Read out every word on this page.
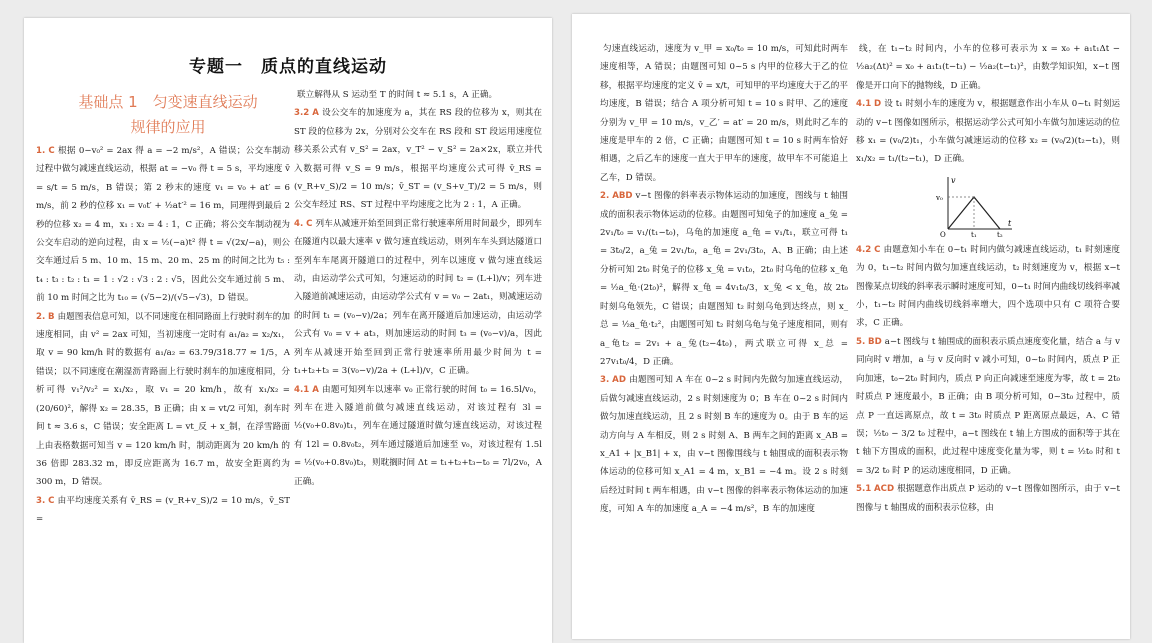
专题一　质点的直线运动
基础点 1　匀变速直线运动
规律的应用

1. C 根据 0−v₀² = 2ax 得 a = −2 m/s²，A 错误；公交车制动过程中做匀减速直线运动，根据 at = −v₀ 得 t = 5 s，平均速度 v̄ = s/t = 5 m/s，B 错误；第 2 秒末的速度 v₁ = v₀ + at′ = 6 m/s，前 2 秒的位移 x₁ = v₀t′ + ½at′² = 16 m，同理得到最后 2 秒的位移 x₂ = 4 m，x₁ : x₂ = 4 : 1，C 正确；将公交车制动视为公交车启动的逆向过程，由 x = ½(−a)t² 得 t = √(2x/−a)，则公交车通过后 5 m、10 m、15 m、20 m、25 m 的时间之比为 t₅ : t₄ : t₃ : t₂ : t₁ = 1 : √2 : √3 : 2 : √5，因此公交车通过前 5 m、前 10 m 时间之比为 t₁₀ = (√5−2)/(√5−√3)，D 错误。

2. B 由题图表信息可知，以不同速度在相同路面上行驶时刹车的加速度相同，由 v² = 2ax 可知，当初速度一定时有 a₁/a₂ = x₂/x₁，取 v = 90 km/h 时的数据有 a₁/a₂ = 63.79/318.77 ≈ 1/5，A 错误；以不同速度在潮湿沥青路面上行驶时刹车的加速度相同，分析可得 v₁²/v₂² = x₁/x₂，取 v₁ = 20 km/h，故有 x₁/x₂ = (20/60)²，解得 x₂ = 28.35，B 正确；由 x = vt/2 可知，刹车时间 t ≈ 3.6 s，C 错误；安全距离 L = vt_反 + x_制，在浮雪路面上由表格数据可知当 v = 120 km/h 时，制动距离为 20 km/h 的 36 倍即 283.32 m，即反应距离为 16.7 m，故安全距离约为 300 m，D 错误。

3. C 由平均速度关系有 v̄_RS = (v_R+v_S)/2 = 10 m/s，v̄_ST =

联立解得从 S 运动至 T 的时间 t ≈ 5.1 s，A 正确。

3.2 A 设公交车的加速度为 a，其在 RS 段的位移为 x，则其在 ST 段的位移为 2x，分别对公交车在 RS 段和 ST 段运用速度位移关系公式有 v_S² = 2ax，v_T² − v_S² = 2a×2x，联立并代入数据可得 v_S = 9 m/s，根据平均速度公式可得 v̄_RS = (v_R+v_S)/2 = 10 m/s；v̄_ST = (v_S+v_T)/2 = 5 m/s，则公交车经过 RS、ST 过程中平均速度之比为 2 : 1，A 正确。

4. C 列车从减速开始至回到正常行驶速率所用时间最少，即列车在隧道内以最大速率 v 做匀速直线运动，则列车车头到达隧道口至列车车尾离开隧道口的过程中，列车以速度 v 做匀速直线运动，由运动学公式可知，匀速运动的时间 t₂ = (L+l)/v；列车进入隧道前减速运动，由运动学公式有 v = v₀ − 2at₁，则减速运动的时间 t₁ = (v₀−v)/2a；列车在离开隧道后加速运动，由运动学公式有 v₀ = v + at₃，则加速运动的时间 t₃ = (v₀−v)/a，因此列车从减速开始至回到正常行驶速率所用最少时间为 t = t₁+t₂+t₃ = 3(v₀−v)/2a + (L+l)/v，C 正确。

4.1 A 由题可知列车以速率 v₀ 正常行驶的时间 t₀ = 16.5l/v₀，列车在进入隧道前做匀减速直线运动，对该过程有 3l = ½(v₀+0.8v₀)t₁，列车在通过隧道时做匀速直线运动，对该过程有 12l = 0.8v₀t₂，列车通过隧道后加速至 v₀，对该过程有 1.5l = ½(v₀+0.8v₀)t₃，则耽搁时间 Δt = t₁+t₂+t₃−t₀ = 7l/2v₀，A 正确。

匀速直线运动，速度为 v_甲 = x₀/t₀ = 10 m/s，可知此时两车速度相等，A 错误；由题图可知 0~5 s 内甲的位移大于乙的位移，根据平均速度的定义 v̄ = x/t，可知甲的平均速度大于乙的平均速度，B 错误；结合 A 项分析可知 t = 10 s 时甲、乙的速度分别为 v_甲 = 10 m/s，v_乙′ = at′ = 20 m/s，则此时乙车的速度是甲车的 2 倍，C 正确；由题图可知 t = 10 s 时两车恰好相遇，之后乙车的速度一直大于甲车的速度，故甲车不可能追上乙车，D 错误。

2. ABD v−t 图像的斜率表示物体运动的加速度，图线与 t 轴围成的面积表示物体运动的位移。由题图可知兔子的加速度 a_兔 = 2v₁/t₀ = v₁/(t₁−t₀)，乌龟的加速度 a_龟 = v₁/t₁，联立可得 t₁ = 3t₀/2，a_兔 = 2v₁/t₀，a_龟 = 2v₁/3t₀，A、B 正确；由上述分析可知 2t₀ 时兔子的位移 x_兔 = v₁t₀，2t₀ 时乌龟的位移 x_龟 = ½a_龟·(2t₀)²，解得 x_龟 = 4v₁t₀/3，x_兔 < x_龟，故 2t₀ 时刻乌龟领先，C 错误；由题图知 t₂ 时刻乌龟到达终点，则 x_总 = ½a_龟·t₂²，由题图可知 t₂ 时刻乌龟与兔子速度相同，则有 a_龟t₂ = 2v₁ + a_兔(t₂−4t₀)，两式联立可得 x_总 = 27v₁t₀/4，D 正确。

3. AD 由题图可知 A 车在 0~2 s 时间内先做匀加速直线运动，后做匀减速直线运动，2 s 时刻速度为 0；B 车在 0~2 s 时间内做匀加速直线运动，且 2 s 时刻 B 车的速度为 0。由于 B 车的运动方向与 A 车相反，则 2 s 时刻 A、B 两车之间的距离 x_AB = x_A1 + |x_B1| + x，由 v−t 图像围线与 t 轴围成的面积表示物体运动的位移可知 x_A1 = 4 m，x_B1 = −4 m。设 2 s 时刻后经过时间 t 两车相遇，由 v−t 图像的斜率表示物体运动的加速度，可知 A 车的加速度 a_A = −4 m/s²，B 车的加速度

线，在 t₁~t₂ 时间内，小车的位移可表示为 x = x₀ + a₁t₁Δt − ½a₂(Δt)² = x₀ + a₁t₁(t−t₁) − ½a₂(t−t₁)²，由数学知识知，x−t 图像是开口向下的抛物线，D 正确。

4.1 D 设 t₁ 时刻小车的速度为 v，根据题意作出小车从 0~t₁ 时刻运动的 v−t 图像如图所示，根据运动学公式可知小车做匀加速运动的位移 x₁ = (v₀/2)t₁，小车做匀减速运动的位移 x₂ = (v₀/2)(t₂−t₁)，则 x₁/x₂ = t₁/(t₂−t₁)，D 正确。

v
t
v₀
O	t₁	t₂

4.2 C 由题意知小车在 0~t₁ 时间内做匀减速直线运动，t₁ 时刻速度为 0，t₁~t₂ 时间内做匀加速直线运动，t₂ 时刻速度为 v，根据 x−t 图像某点切线的斜率表示瞬时速度可知，0~t₁ 时间内曲线切线斜率减小，t₁~t₂ 时间内曲线切线斜率增大，四个选项中只有 C 项符合要求，C 正确。

5. BD a−t 图线与 t 轴围成的面积表示质点速度变化量，结合 a 与 v 同向时 v 增加，a 与 v 反向时 v 减小可知，0~t₀ 时间内，质点 P 正向加速，t₀~2t₀ 时间内，质点 P 向正向减速至速度为零，故 t = 2t₀ 时质点 P 速度最小，B 正确；由 B 项分析可知，0~3t₀ 过程中，质点 P 一直远离原点，故 t = 3t₀ 时质点 P 距离原点最远，A、C 错误；½t₀ − 3/2 t₀ 过程中，a−t 图线在 t 轴上方围成的面积等于其在 t 轴下方围成的面积，此过程中速度变化量为零，则 t = ½t₀ 时和 t = 3/2 t₀ 时 P 的运动速度相同，D 正确。

5.1 ACD 根据题意作出质点 P 运动的 v−t 图像如图所示，由于 v−t 图像与 t 轴围成的面积表示位移，由
